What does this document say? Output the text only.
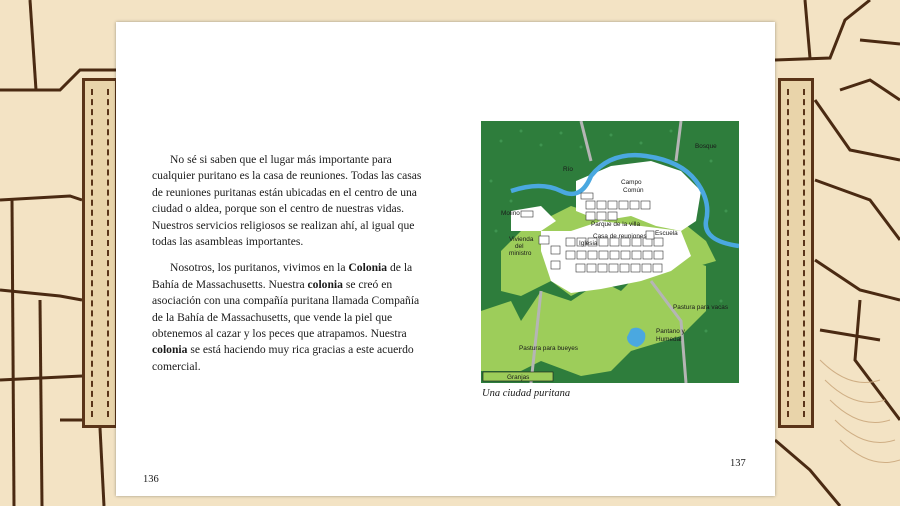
No sé si saben que el lugar más importante para cualquier puritano es la casa de reuniones. Todas las casas de reuniones puritanas están ubicadas en el centro de una ciudad o aldea, porque son el centro de nuestras vidas. Nuestros servicios religiosos se realizan ahí, al igual que todas las asambleas importantes.

Nosotros, los puritanos, vivimos en la Colonia de la Bahía de Massachusetts. Nuestra colonia se creó en asociación con una compañía puritana llamada Compañía de la Bahía de Massachusetts, que vende la piel que obtenemos al cazar y los peces que atrapamos. Nuestra colonia se está haciendo muy rica gracias a este acuerdo comercial.

Bosque
Río
Campo
Común
Molino
Parque de la villa
Escuela
Casa de reuniones
Iglesia
Vivienda
del
ministro
Pastura para vacas
Pantano y
Humedal
Pastura para bueyes
Granjas
Una ciudad puritana
136
137
